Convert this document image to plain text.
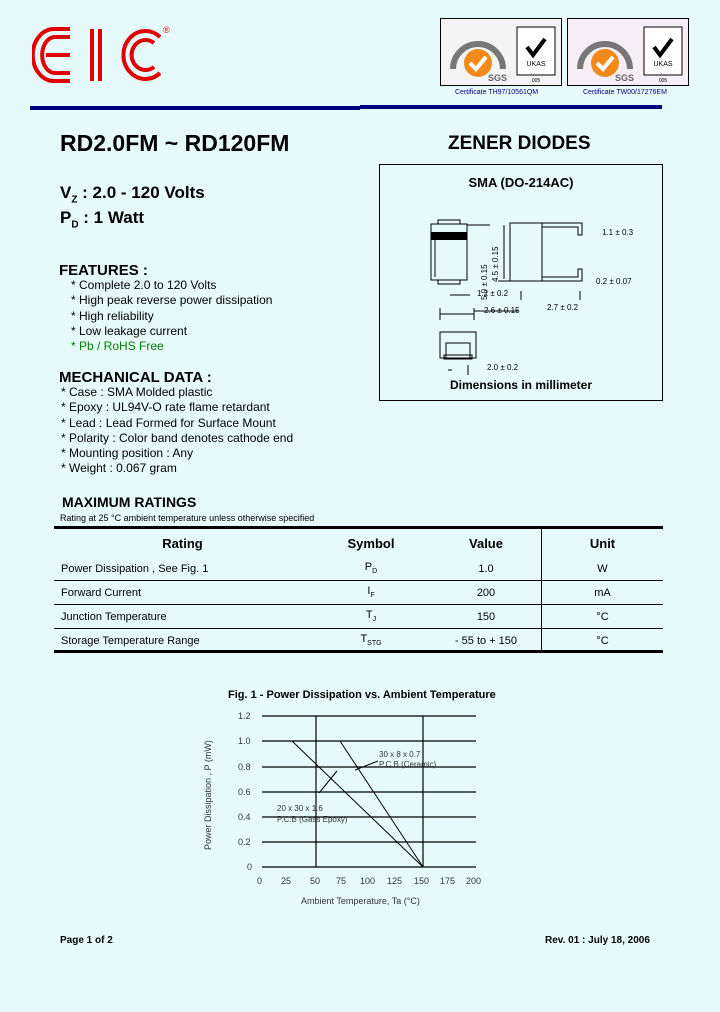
®
SGS
UKAS
005	SGS
UKAS
005
Certificate TH97/10561QM	Certificate TW00/17276EM
RD2.0FM ~ RD120FM	ZENER DIODES
$V_Z$ : 2.0 - 120 Volts
$P_D$ : 1 Watt
FEATURES :
* Complete 2.0 to 120 Volts
* High peak reverse power dissipation
* High reliability
* Low leakage current
* Pb / RoHS Free
MECHANICAL DATA :
* Case : SMA Molded plastic
* Epoxy : UL94V-O rate flame retardant
* Lead : Lead Formed for Surface Mount
* Polarity : Color band denotes cathode end
* Mounting position : Any
* Weight : 0.067 gram
SMA (DO-214AC)
5.0 ± 0.15
4.5 ± 0.15
1.1 ± 0.3
0.2 ± 0.07
1.2 ± 0.2
2.6 ± 0.15	2.7 ± 0.2
2.0 ± 0.2
Dimensions in millimeter
MAXIMUM RATINGS
Rating at 25 °C ambient temperature unless otherwise specified
Rating	Symbol	Value	Unit
Power Dissipation , See Fig. 1	$P_D$	1.0	W
Forward Current	$I_F$	200	mA
Junction Temperature	$T_J$	150	°C
Storage Temperature Range	$T_{STG}$	- 55 to + 150	°C
Fig. 1 - Power Dissipation vs. Ambient Temperature
1.2
1.0
0.8
0.6
0.4
0.2
0
0 25 50 75 100 125 150 175 200
30 x 8 x 0.7
P.C.B (Ceramic)
20 x 30 x 1.6
P.C.B (Gass Epoxy)
Ambient Temperature, Ta (°C)
Power Dissipation , P (mW)
Page 1 of 2	Rev. 01 : July 18, 2006
